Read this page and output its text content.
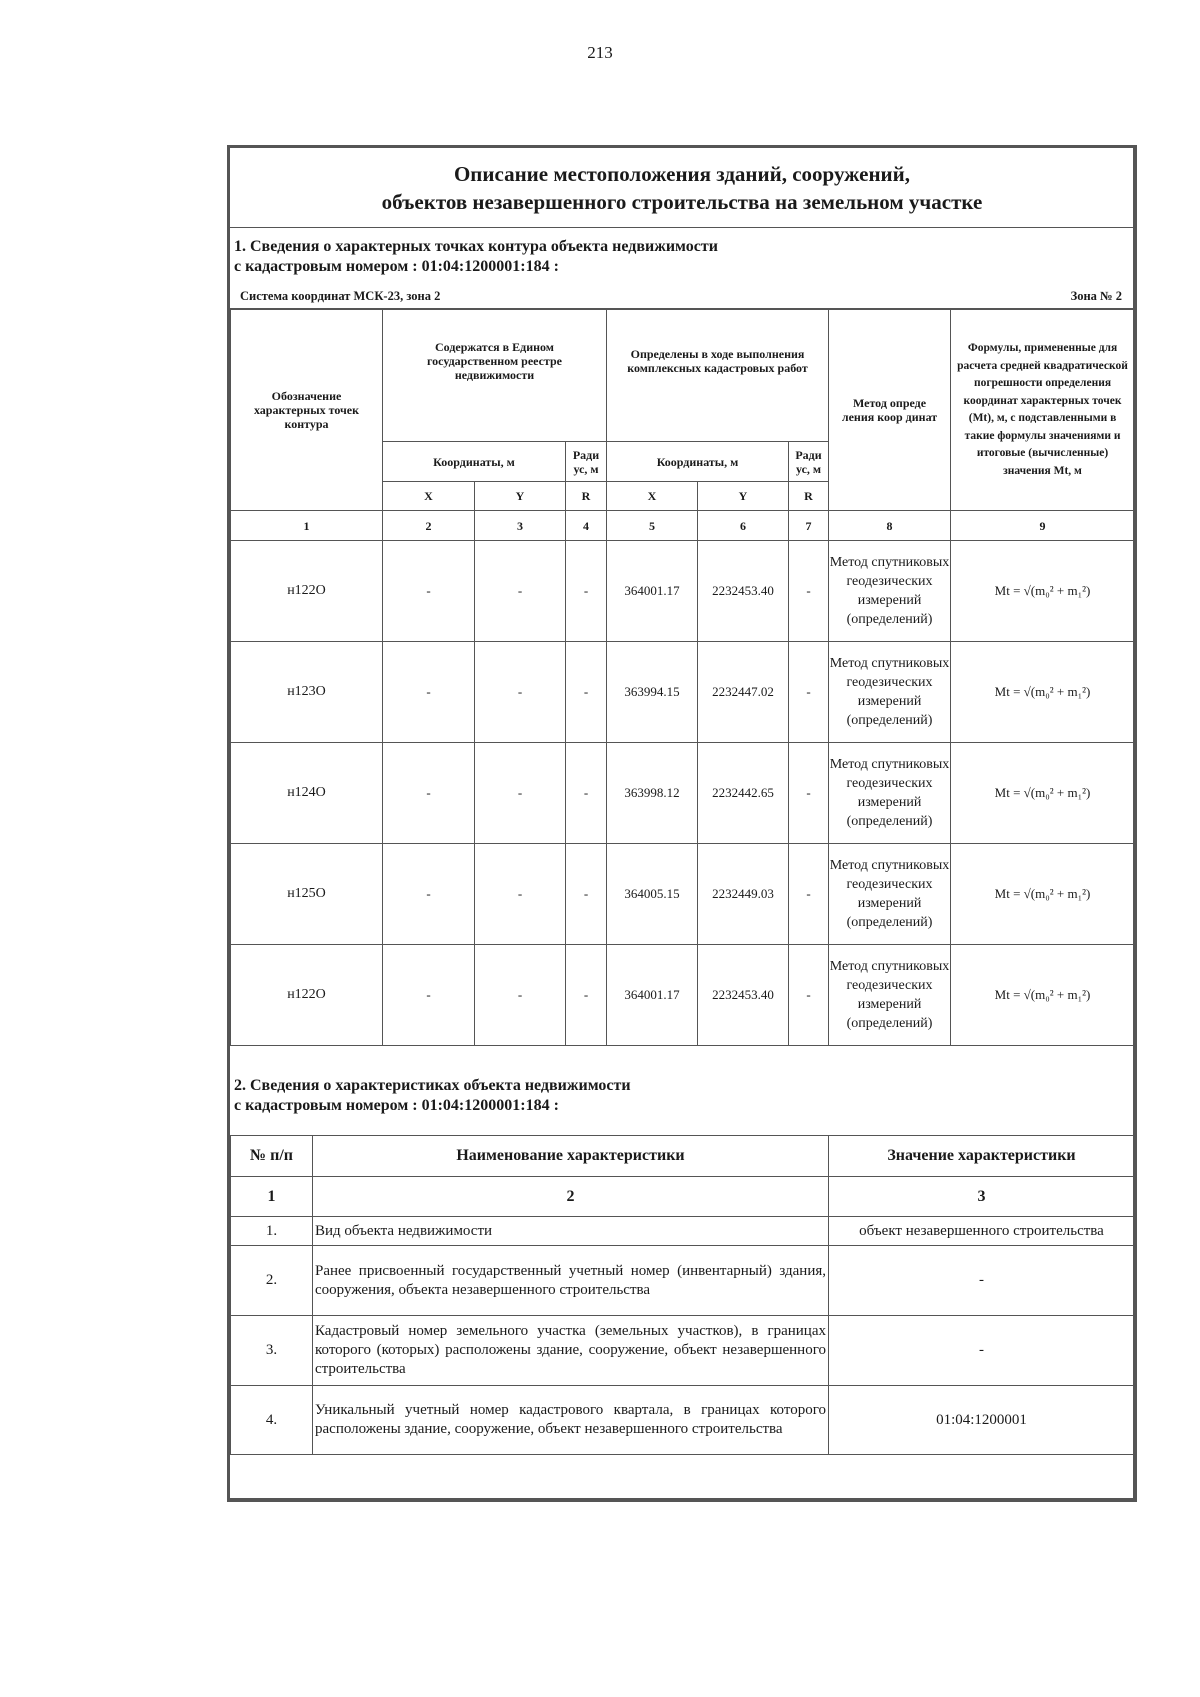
213
Описание местоположения зданий, сооружений,
объектов незавершенного строительства на земельном участке
1. Сведения о характерных точках контура объекта недвижимости
с кадастровым номером : 01:04:1200001:184 :
Система координат МСК-23, зона 2	Зона № 2
Обозначение характерных точек контура	Содержатся в Едином государственном реестре недвижимости			Определены в ходе выполнения комплексных кадастровых работ			Метод опреде ления коор динат	Формулы, примененные для расчета средней квадратической погрешности определения координат характерных точек (Mt), м, с подставленными в такие формулы значениями и итоговые (вычисленные) значения Mt, м
	Координаты, м		Ради ус, м	Координаты, м		Ради ус, м		
	X	Y	R	X	Y	R		
1	2	3	4	5	6	7	8	9
н122О	-	-	-	364001.17	2232453.40	-	Метод спутниковых геодезических измерений (определений)	Mt = √(m₀² + m₁²)
н123О	-	-	-	363994.15	2232447.02	-	Метод спутниковых геодезических измерений (определений)	Mt = √(m₀² + m₁²)
н124О	-	-	-	363998.12	2232442.65	-	Метод спутниковых геодезических измерений (определений)	Mt = √(m₀² + m₁²)
н125О	-	-	-	364005.15	2232449.03	-	Метод спутниковых геодезических измерений (определений)	Mt = √(m₀² + m₁²)
н122О	-	-	-	364001.17	2232453.40	-	Метод спутниковых геодезических измерений (определений)	Mt = √(m₀² + m₁²)
2. Сведения о характеристиках объекта недвижимости
с кадастровым номером : 01:04:1200001:184 :
№ п/п	Наименование характеристики	Значение характеристики
1	2	3
1.	Вид объекта недвижимости	объект незавершенного строительства
2.	Ранее присвоенный государственный учетный номер (инвентарный) здания, сооружения, объекта незавершенного строительства	-
3.	Кадастровый номер земельного участка (земельных участков), в границах которого (которых) расположены здание, сооружение, объект незавершенного строительства	-
4.	Уникальный учетный номер кадастрового квартала, в границах которого расположены здание, сооружение, объект незавершенного строительства	01:04:1200001
